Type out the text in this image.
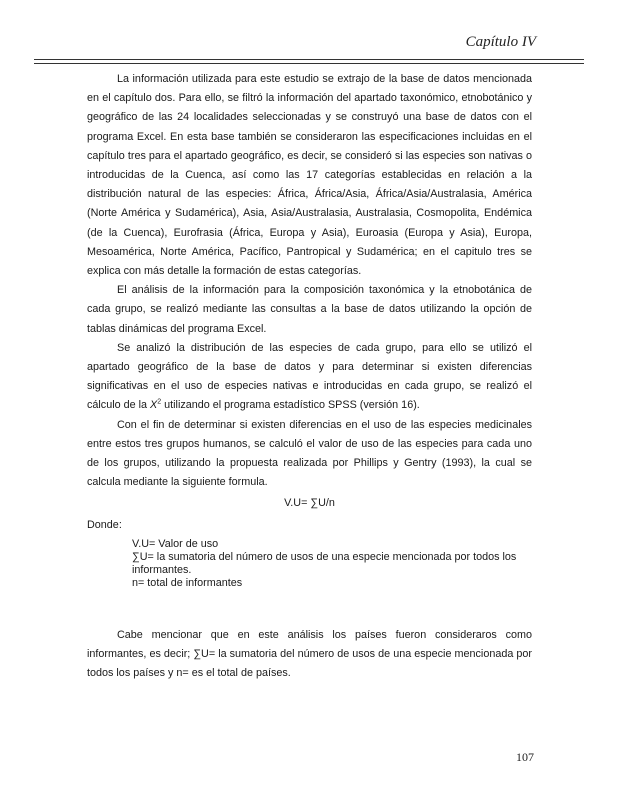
Capítulo IV

La información utilizada para este estudio se extrajo de la base de datos mencionada en el capítulo dos. Para ello, se filtró la información del apartado taxonómico, etnobotánico y geográfico de las 24 localidades seleccionadas y se construyó una base de datos con el programa Excel. En esta base también se consideraron las especificaciones incluidas en el capítulo tres para el apartado geográfico, es decir, se consideró si las especies son nativas o introducidas de la Cuenca, así como las 17 categorías establecidas en relación a la distribución natural de las especies: África, África/Asia, África/Asia/Australasia, América (Norte América y Sudamérica), Asia, Asia/Australasia, Australasia, Cosmopolita, Endémica (de la Cuenca), Eurofrasia (África, Europa y Asia), Euroasia (Europa y Asia), Europa, Mesoamérica, Norte América, Pacífico, Pantropical y Sudamérica; en el capitulo tres se explica con más detalle la formación de estas categorías.

El análisis de la información para la composición taxonómica y la etnobotánica de cada grupo, se realizó mediante las consultas a la base de datos utilizando la opción de tablas dinámicas del programa Excel.

Se analizó la distribución de las especies de cada grupo, para ello se utilizó el apartado geográfico de la base de datos y para determinar si existen diferencias significativas en el uso de especies nativas e introducidas en cada grupo, se realizó el cálculo de la $X^2$ utilizando el programa estadístico SPSS (versión 16).

Con el fin de determinar si existen diferencias en el uso de las especies medicinales entre estos tres grupos humanos, se calculó el valor de uso de las especies para cada uno de los grupos, utilizando la propuesta realizada por Phillips y Gentry (1993), la cual se calcula mediante la siguiente formula.

V.U= ∑U/n
Donde:
V.U= Valor de uso
∑U= la sumatoria del número de usos de una especie mencionada por todos los informantes.
n= total de informantes

Cabe mencionar que en este análisis los países fueron consideraros como informantes, es decir; ∑U= la sumatoria del número de usos de una especie mencionada por todos los países y n= es el total de países.

107
